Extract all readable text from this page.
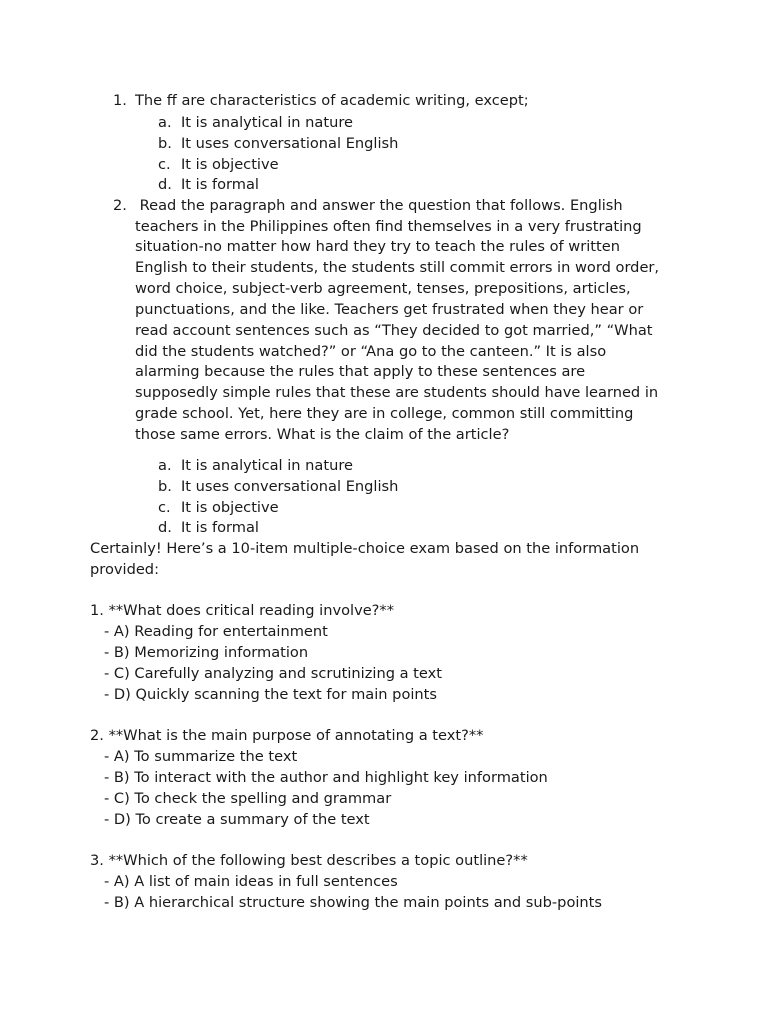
1. The ff are characteristics of academic writing, except;
a. It is analytical in nature
b. It uses conversational English
c. It is objective
d. It is formal
2. Read the paragraph and answer the question that follows. English
teachers in the Philippines often find themselves in a very frustrating
situation-no matter how hard they try to teach the rules of written
English to their students, the students still commit errors in word order,
word choice, subject-verb agreement, tenses, prepositions, articles,
punctuations, and the like. Teachers get frustrated when they hear or
read account sentences such as “They decided to got married,” “What
did the students watched?” or “Ana go to the canteen.” It is also
alarming because the rules that apply to these sentences are
supposedly simple rules that these are students should have learned in
grade school. Yet, here they are in college, common still committing
those same errors. What is the claim of the article?
a. It is analytical in nature
b. It uses conversational English
c. It is objective
d. It is formal
Certainly! Here’s a 10-item multiple-choice exam based on the information
provided:
1. **What does critical reading involve?**
- A) Reading for entertainment
- B) Memorizing information
- C) Carefully analyzing and scrutinizing a text
- D) Quickly scanning the text for main points
2. **What is the main purpose of annotating a text?**
- A) To summarize the text
- B) To interact with the author and highlight key information
- C) To check the spelling and grammar
- D) To create a summary of the text
3. **Which of the following best describes a topic outline?**
- A) A list of main ideas in full sentences
- B) A hierarchical structure showing the main points and sub-points
